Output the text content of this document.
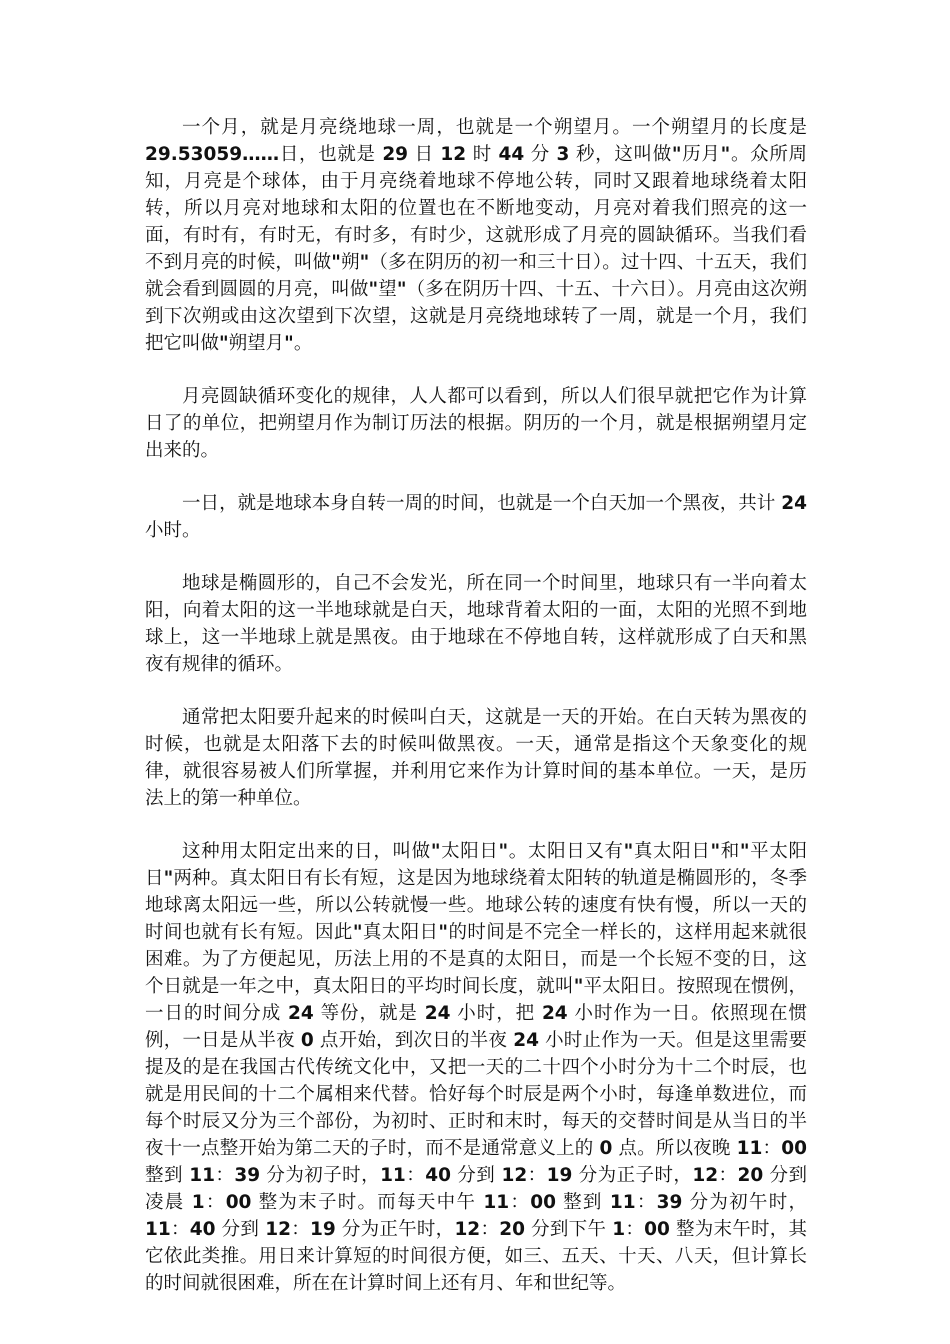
一个月，就是月亮绕地球一周，也就是一个朔望月。一个朔望月的长度是 29.53059……日，也就是 29 日 12 时 44 分 3 秒，这叫做"历月"。众所周知，月亮是个球体，由于月亮绕着地球不停地公转，同时又跟着地球绕着太阳转，所以月亮对地球和太阳的位置也在不断地变动，月亮对着我们照亮的这一面，有时有，有时无，有时多，有时少，这就形成了月亮的圆缺循环。当我们看不到月亮的时候，叫做"朔"（多在阴历的初一和三十日）。过十四、十五天，我们就会看到圆圆的月亮，叫做"望"（多在阴历十四、十五、十六日）。月亮由这次朔到下次朔或由这次望到下次望，这就是月亮绕地球转了一周，就是一个月，我们把它叫做"朔望月"。

月亮圆缺循环变化的规律，人人都可以看到，所以人们很早就把它作为计算日了的单位，把朔望月作为制订历法的根据。阴历的一个月，就是根据朔望月定出来的。

一日，就是地球本身自转一周的时间，也就是一个白天加一个黑夜，共计 24 小时。

地球是椭圆形的，自己不会发光，所在同一个时间里，地球只有一半向着太阳，向着太阳的这一半地球就是白天，地球背着太阳的一面，太阳的光照不到地球上，这一半地球上就是黑夜。由于地球在不停地自转，这样就形成了白天和黑夜有规律的循环。

通常把太阳要升起来的时候叫白天，这就是一天的开始。在白天转为黑夜的时候，也就是太阳落下去的时候叫做黑夜。一天，通常是指这个天象变化的规律，就很容易被人们所掌握，并利用它来作为计算时间的基本单位。一天，是历法上的第一种单位。

这种用太阳定出来的日，叫做"太阳日"。太阳日又有"真太阳日"和"平太阳日"两种。真太阳日有长有短，这是因为地球绕着太阳转的轨道是椭圆形的，冬季地球离太阳远一些，所以公转就慢一些。地球公转的速度有快有慢，所以一天的时间也就有长有短。因此"真太阳日"的时间是不完全一样长的，这样用起来就很困难。为了方便起见，历法上用的不是真的太阳日，而是一个长短不变的日，这个日就是一年之中，真太阳日的平均时间长度，就叫"平太阳日。按照现在惯例，一日的时间分成 24 等份，就是 24 小时，把 24 小时作为一日。依照现在惯例，一日是从半夜 0 点开始，到次日的半夜 24 小时止作为一天。但是这里需要提及的是在我国古代传统文化中，又把一天的二十四个小时分为十二个时辰，也就是用民间的十二个属相来代替。恰好每个时辰是两个小时，每逢单数进位，而每个时辰又分为三个部份，为初时、正时和末时，每天的交替时间是从当日的半夜十一点整开始为第二天的子时，而不是通常意义上的 0 点。所以夜晚 11：00 整到 11：39 分为初子时，11：40 分到 12：19 分为正子时，12：20 分到凌晨 1：00 整为末子时。而每天中午 11：00 整到 11：39 分为初午时，11：40 分到 12：19 分为正午时，12：20 分到下午 1：00 整为末午时，其它依此类推。用日来计算短的时间很方便，如三、五天、十天、八天，但计算长的时间就很困难，所在在计算时间上还有月、年和世纪等。
